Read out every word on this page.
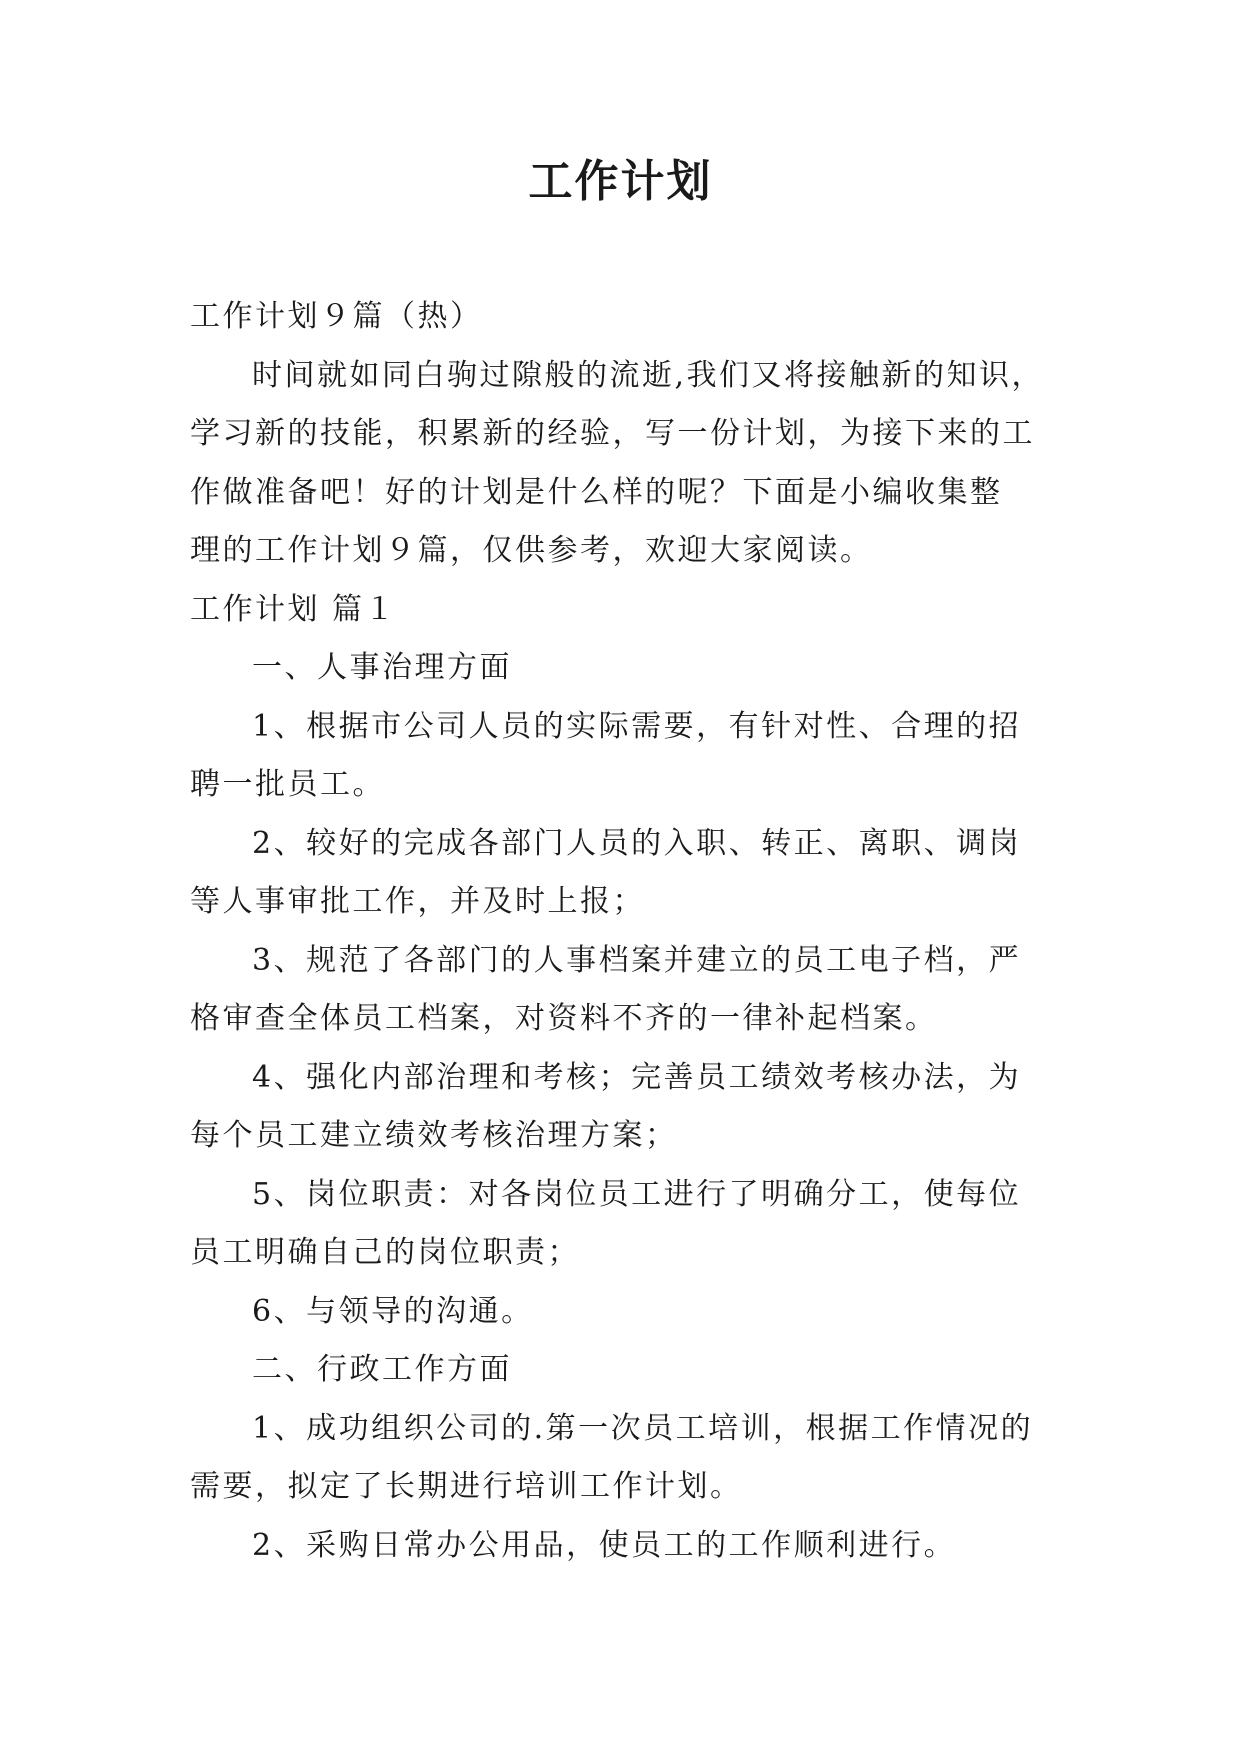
工作计划

工作计划９篇（热）

时间就如同白驹过隙般的流逝,我们又将接触新的知识，

学习新的技能，积累新的经验，写一份计划，为接下来的工

作做准备吧！好的计划是什么样的呢？下面是小编收集整

理的工作计划９篇，仅供参考，欢迎大家阅读。

工作计划 篇１

一、人事治理方面

1、根据市公司人员的实际需要，有针对性、合理的招

聘一批员工。

2、较好的完成各部门人员的入职、转正、离职、调岗

等人事审批工作，并及时上报；

3、规范了各部门的人事档案并建立的员工电子档，严

格审查全体员工档案，对资料不齐的一律补起档案。

4、强化内部治理和考核；完善员工绩效考核办法，为

每个员工建立绩效考核治理方案；

5、岗位职责：对各岗位员工进行了明确分工，使每位

员工明确自己的岗位职责；

6、与领导的沟通。

二、行政工作方面

1、成功组织公司的.第一次员工培训，根据工作情况的

需要，拟定了长期进行培训工作计划。

2、采购日常办公用品，使员工的工作顺利进行。
